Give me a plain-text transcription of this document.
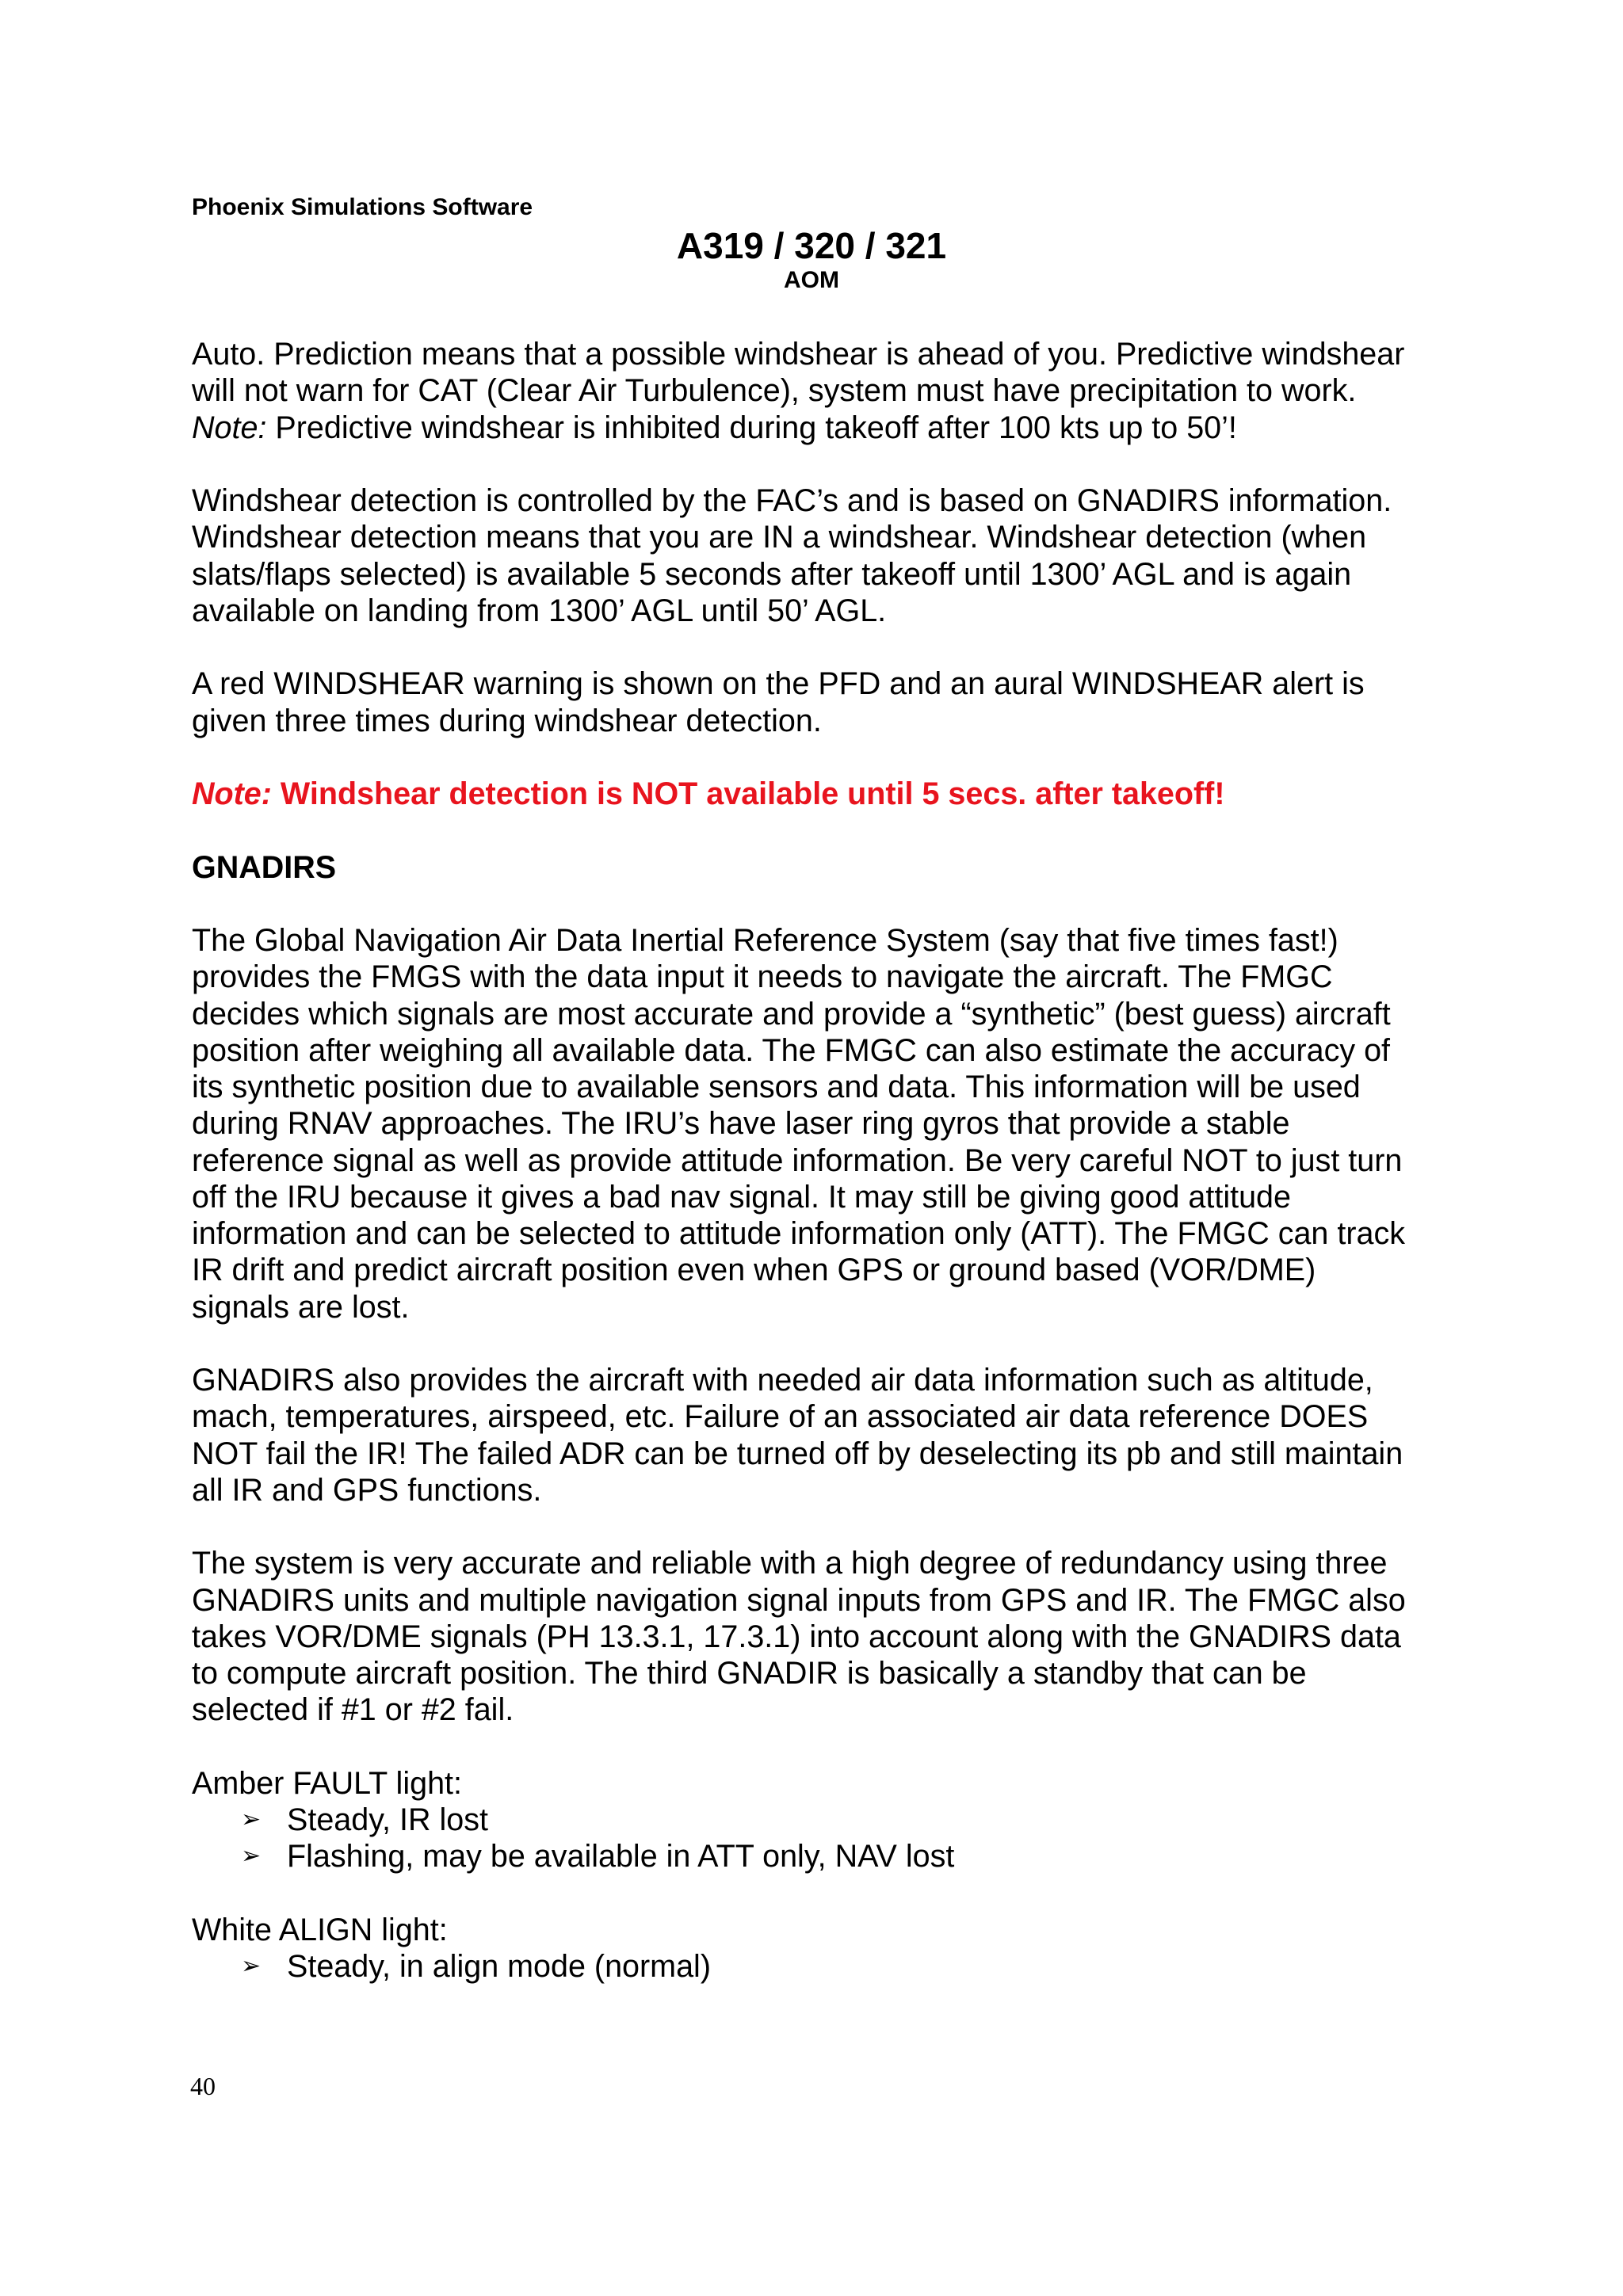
Phoenix Simulations Software
A319 / 320 / 321
AOM

Auto. Prediction means that a possible windshear is ahead of you. Predictive windshear
will not warn for CAT (Clear Air Turbulence), system must have precipitation to work.
Note: Predictive windshear is inhibited during takeoff after 100 kts up to 50’!

Windshear detection is controlled by the FAC’s and is based on GNADIRS information.
Windshear detection means that you are IN a windshear. Windshear detection (when
slats/flaps selected) is available 5 seconds after takeoff until 1300’ AGL and is again
available on landing from 1300’ AGL until 50’ AGL.

A red WINDSHEAR warning is shown on the PFD and an aural WINDSHEAR alert is
given three times during windshear detection.

Note: Windshear detection is NOT available until 5 secs. after takeoff!

GNADIRS

The Global Navigation Air Data Inertial Reference System (say that five times fast!)
provides the FMGS with the data input it needs to navigate the aircraft. The FMGC
decides which signals are most accurate and provide a “synthetic” (best guess) aircraft
position after weighing all available data. The FMGC can also estimate the accuracy of
its synthetic position due to available sensors and data. This information will be used
during RNAV approaches. The IRU’s have laser ring gyros that provide a stable
reference signal as well as provide attitude information. Be very careful NOT to just turn
off the IRU because it gives a bad nav signal. It may still be giving good attitude
information and can be selected to attitude information only (ATT). The FMGC can track
IR drift and predict aircraft position even when GPS or ground based (VOR/DME)
signals are lost.

GNADIRS also provides the aircraft with needed air data information such as altitude,
mach, temperatures, airspeed, etc. Failure of an associated air data reference DOES
NOT fail the IR! The failed ADR can be turned off by deselecting its pb and still maintain
all IR and GPS functions.

The system is very accurate and reliable with a high degree of redundancy using three
GNADIRS units and multiple navigation signal inputs from GPS and IR. The FMGC also
takes VOR/DME signals (PH 13.3.1, 17.3.1) into account along with the GNADIRS data
to compute aircraft position. The third GNADIR is basically a standby that can be
selected if #1 or #2 fail.

Amber FAULT light:
➢ Steady, IR lost
➢ Flashing, may be available in ATT only, NAV lost
White ALIGN light:
➢ Steady, in align mode (normal)
40
